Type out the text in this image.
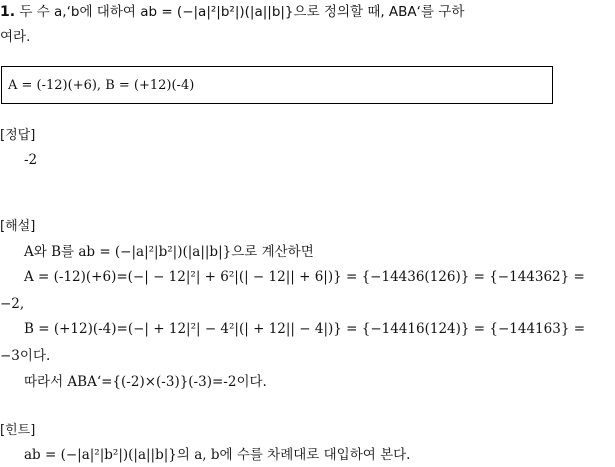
1. 두 수 a,‘b에 대하여 ab = (−|a|²|b²|)(|a||b|}으로 정의할 때, ABA‘를 구하
여라.
A = (-12)(+6), B = (+12)(-4)
[정답]
-2
[해설]
A와 B를 ab = (−|a|²|b²|)(|a||b|}으로 계산하면
A = (-12)(+6)=(−| − 12|²| + 6²|(| − 12|| + 6|)} = {−14436(126)} = {−144362} =
−2,
B = (+12)(-4)=(−| + 12|²| − 4²|(| + 12|| − 4|)} = {−14416(124)} = {−144163} =
−3이다.
따라서 ABA‘={(-2)×(-3)}(-3)=-2이다.
[힌트]
ab = (−|a|²|b²|)(|a||b|}의 a, b에 수를 차례대로 대입하여 본다.
